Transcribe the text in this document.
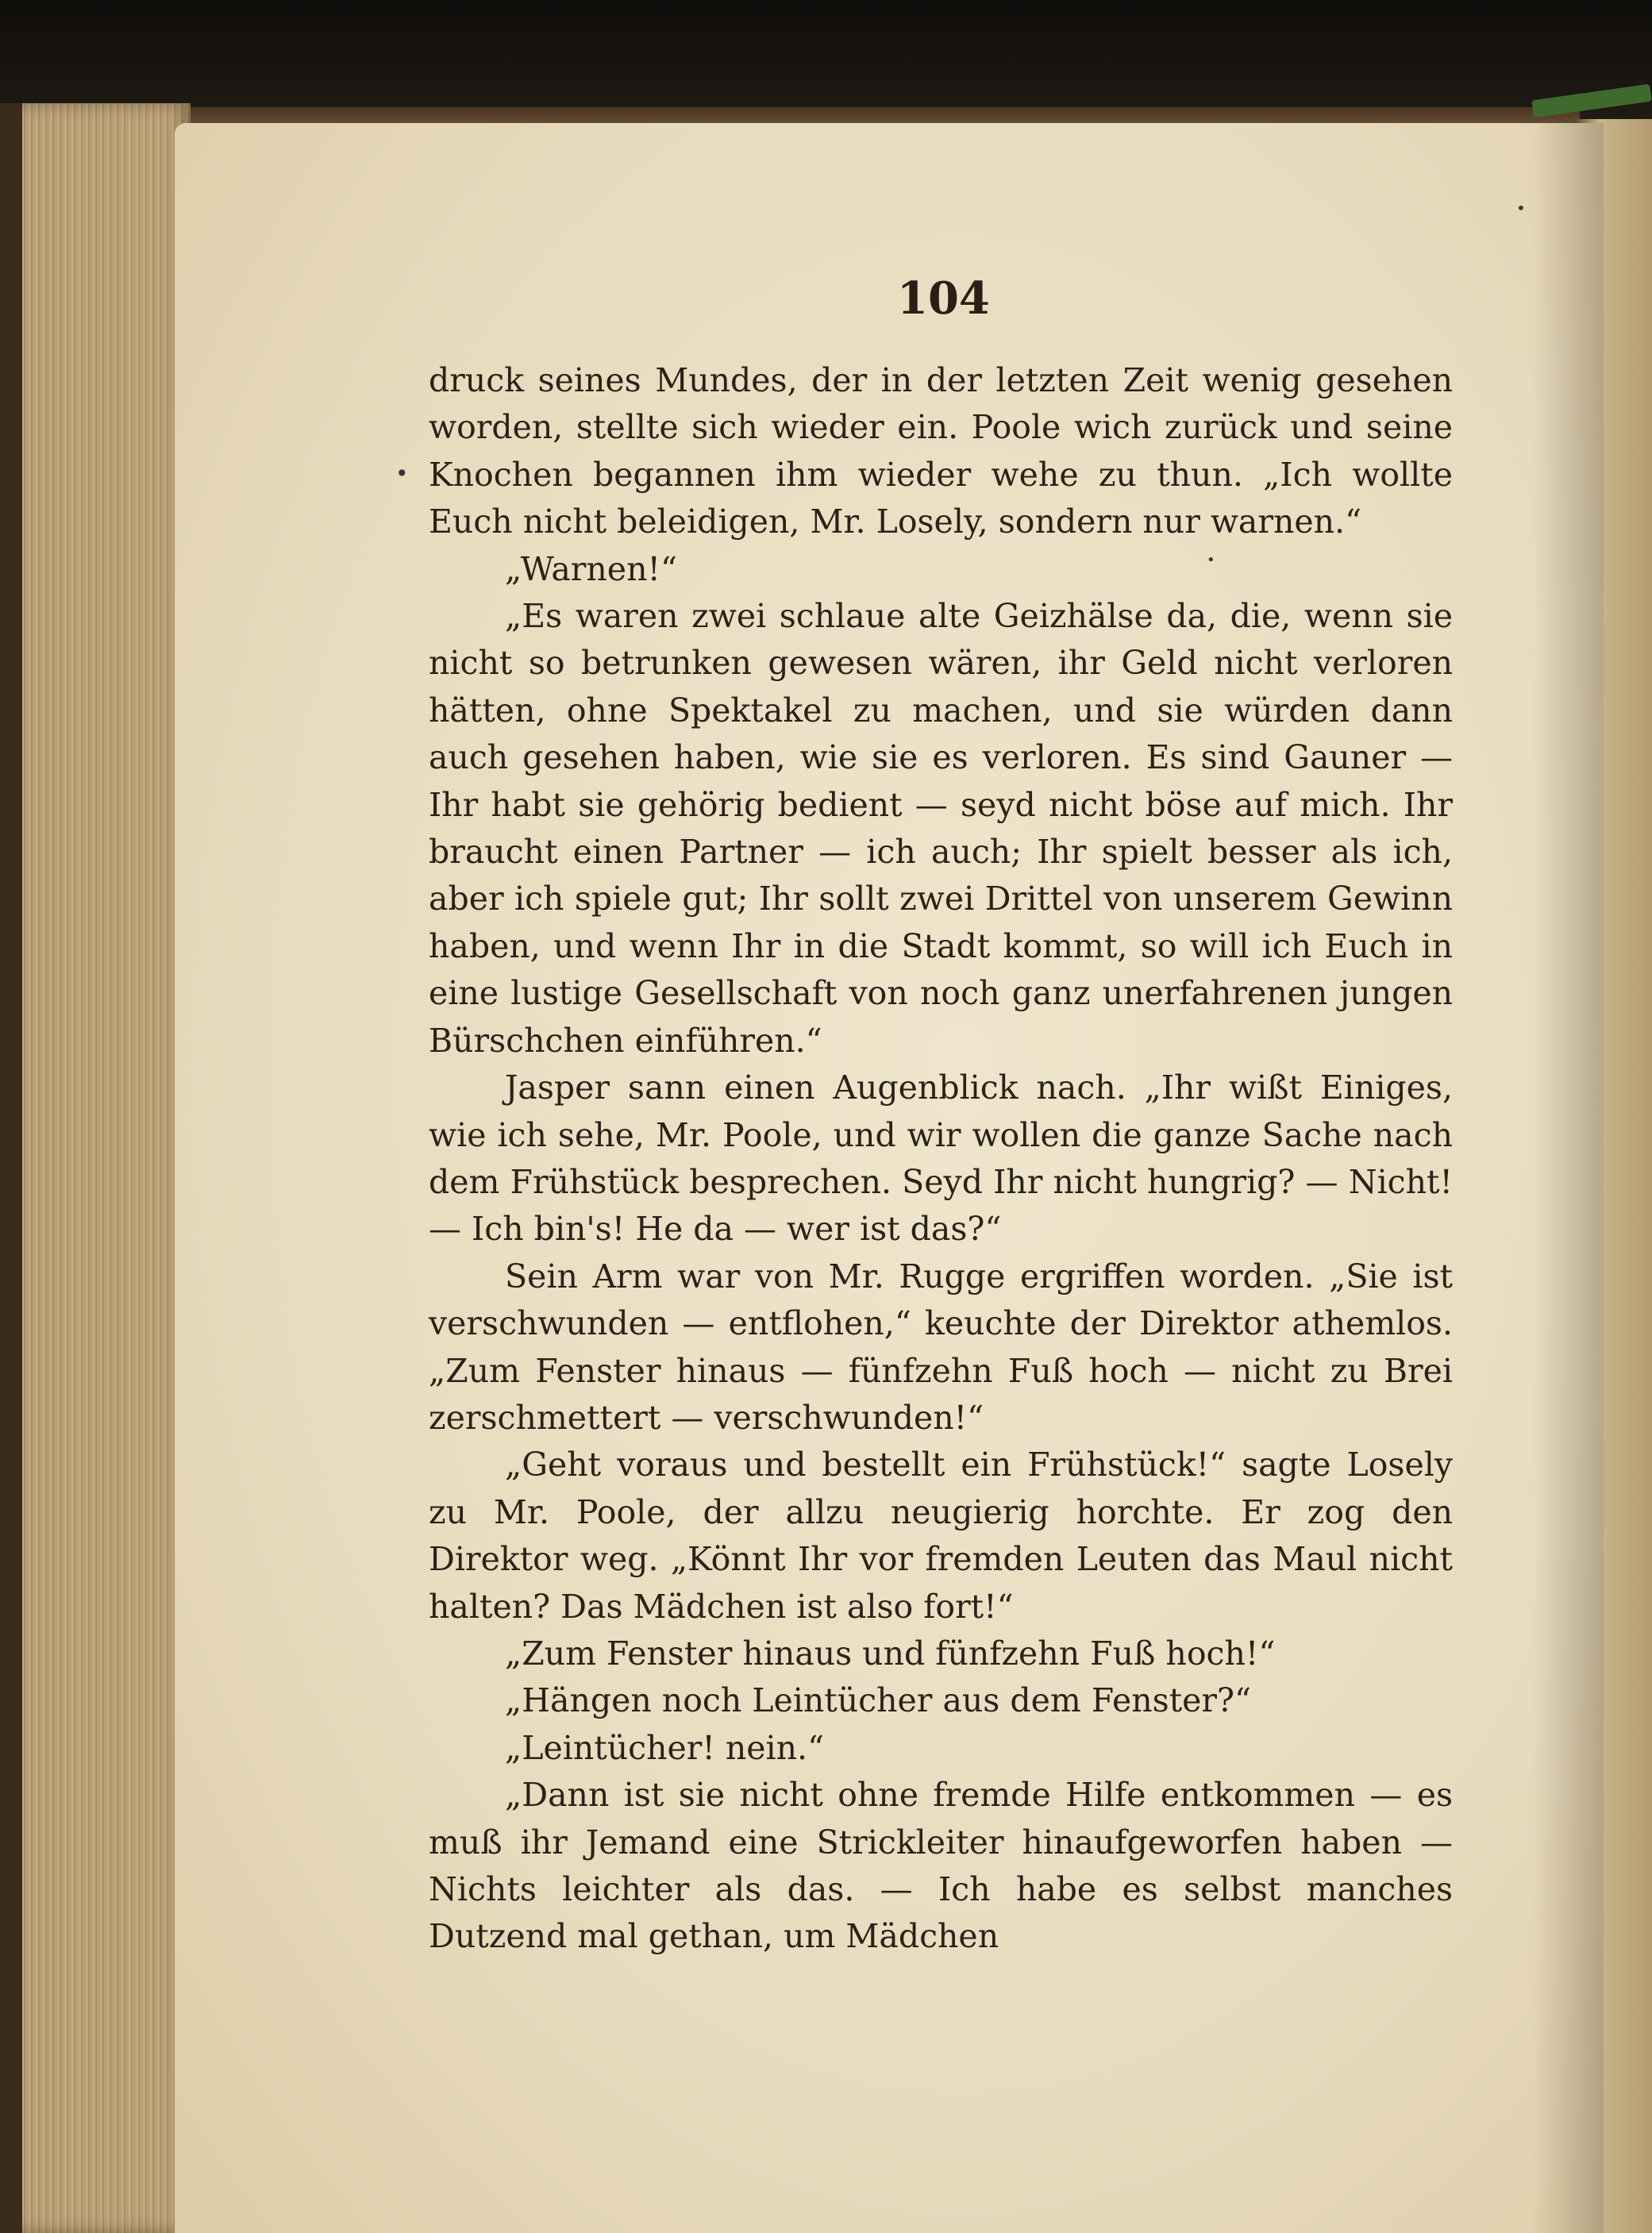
104

druck seines Mundes, der in der letzten Zeit wenig gesehen worden, stellte sich wieder ein. Poole wich zurück und seine Knochen begannen ihm wieder wehe zu thun. „Ich wollte Euch nicht beleidigen, Mr. Losely, sondern nur warnen.“

„Warnen!“

„Es waren zwei schlaue alte Geizhälse da, die, wenn sie nicht so betrunken gewesen wären, ihr Geld nicht verloren hätten, ohne Spektakel zu machen, und sie würden dann auch gesehen haben, wie sie es verloren. Es sind Gauner — Ihr habt sie gehörig bedient — seyd nicht böse auf mich. Ihr braucht einen Partner — ich auch; Ihr spielt besser als ich, aber ich spiele gut; Ihr sollt zwei Drittel von unserem Gewinn haben, und wenn Ihr in die Stadt kommt, so will ich Euch in eine lustige Gesellschaft von noch ganz unerfahrenen jungen Bürschchen einführen.“

Jasper sann einen Augenblick nach. „Ihr wißt Einiges, wie ich sehe, Mr. Poole, und wir wollen die ganze Sache nach dem Frühstück besprechen. Seyd Ihr nicht hungrig? — Nicht! — Ich bin's! He da — wer ist das?“

Sein Arm war von Mr. Rugge ergriffen worden. „Sie ist verschwunden — entflohen,“ keuchte der Direktor athemlos. „Zum Fenster hinaus — fünfzehn Fuß hoch — nicht zu Brei zerschmettert — verschwunden!“

„Geht voraus und bestellt ein Frühstück!“ sagte Losely zu Mr. Poole, der allzu neugierig horchte. Er zog den Direktor weg. „Könnt Ihr vor fremden Leuten das Maul nicht halten? Das Mädchen ist also fort!“

„Zum Fenster hinaus und fünfzehn Fuß hoch!“

„Hängen noch Leintücher aus dem Fenster?“

„Leintücher! nein.“

„Dann ist sie nicht ohne fremde Hilfe entkommen — es muß ihr Jemand eine Strickleiter hinaufgeworfen haben — Nichts leichter als das. — Ich habe es selbst manches Dutzend mal gethan, um Mädchen

•
•
•
